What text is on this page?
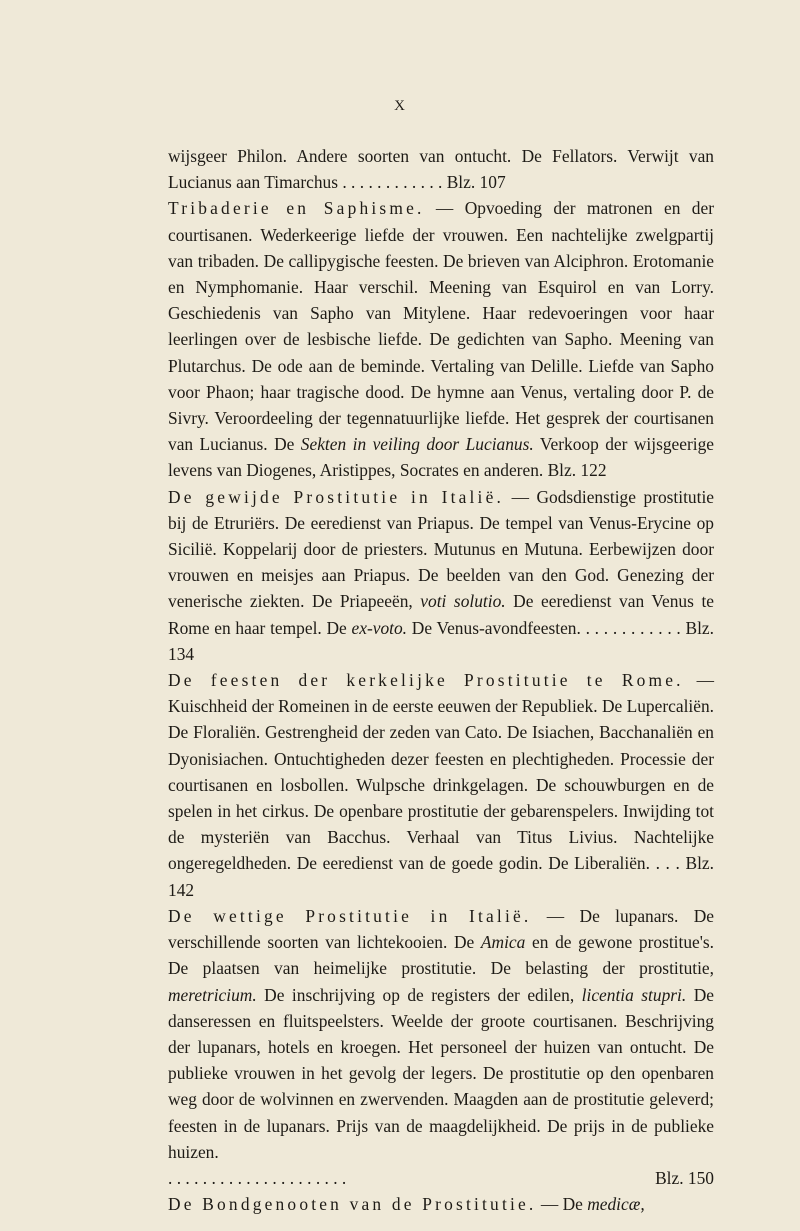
X

wijsgeer Philon. Andere soorten van ontucht. De Fellators. Verwijt van Lucianus aan Timarchus . . . . . . . . . . . . Blz. 107

Tribaderie en Saphisme. — Opvoeding der matronen en der courtisanen. Wederkeerige liefde der vrouwen. Een nachtelijke zwelgpartij van tribaden. De callipygische feesten. De brieven van Alciphron. Erotomanie en Nymphomanie. Haar verschil. Meening van Esquirol en van Lorry. Geschiedenis van Sapho van Mitylene. Haar redevoeringen voor haar leerlingen over de lesbische liefde. De gedichten van Sapho. Meening van Plutarchus. De ode aan de beminde. Vertaling van Delille. Liefde van Sapho voor Phaon; haar tragische dood. De hymne aan Venus, vertaling door P. de Sivry. Veroordeeling der tegennatuurlijke liefde. Het gesprek der courtisanen van Lucianus. De Sekten in veiling door Lucianus. Verkoop der wijsgeerige levens van Diogenes, Aristippes, Socrates en anderen. Blz. 122

De gewijde Prostitutie in Italië. — Godsdienstige prostitutie bij de Etruriërs. De eeredienst van Priapus. De tempel van Venus-Erycine op Sicilië. Koppelarij door de priesters. Mutunus en Mutuna. Eerbewijzen door vrouwen en meisjes aan Priapus. De beelden van den God. Genezing der venerische ziekten. De Priapeeën, voti solutio. De eeredienst van Venus te Rome en haar tempel. De ex-voto. De Venus-avondfeesten. . . . . . . . . . . . Blz. 134

De feesten der kerkelijke Prostitutie te Rome. — Kuischheid der Romeinen in de eerste eeuwen der Republiek. De Lupercaliën. De Floraliën. Gestrengheid der zeden van Cato. De Isiachen, Bacchanaliën en Dyonisiachen. Ontuchtigheden dezer feesten en plechtigheden. Processie der courtisanen en losbollen. Wulpsche drinkgelagen. De schouwburgen en de spelen in het cirkus. De openbare prostitutie der gebarenspelers. Inwijding tot de mysteriën van Bacchus. Verhaal van Titus Livius. Nachtelijke ongeregeldheden. De eeredienst van de goede godin. De Liberaliën. . . . Blz. 142

De wettige Prostitutie in Italië. — De lupanars. De verschillende soorten van lichtekooien. De Amica en de gewone prostitue's. De plaatsen van heimelijke prostitutie. De belasting der prostitutie, meretricium. De inschrijving op de registers der edilen, licentia stupri. De danseressen en fluitspeelsters. Weelde der groote courtisanen. Beschrijving der lupanars, hotels en kroegen. Het personeel der huizen van ontucht. De publieke vrouwen in het gevolg der legers. De prostitutie op den openbaren weg door de wolvinnen en zwervenden. Maagden aan de prostitutie geleverd; feesten in de lupanars. Prijs van de maagdelijkheid. De prijs in de publieke huizen.

. . . . . . . . . . . . . . . . . . . . .	Blz. 150

De Bondgenooten van de Prostitutie. — De medicæ,
